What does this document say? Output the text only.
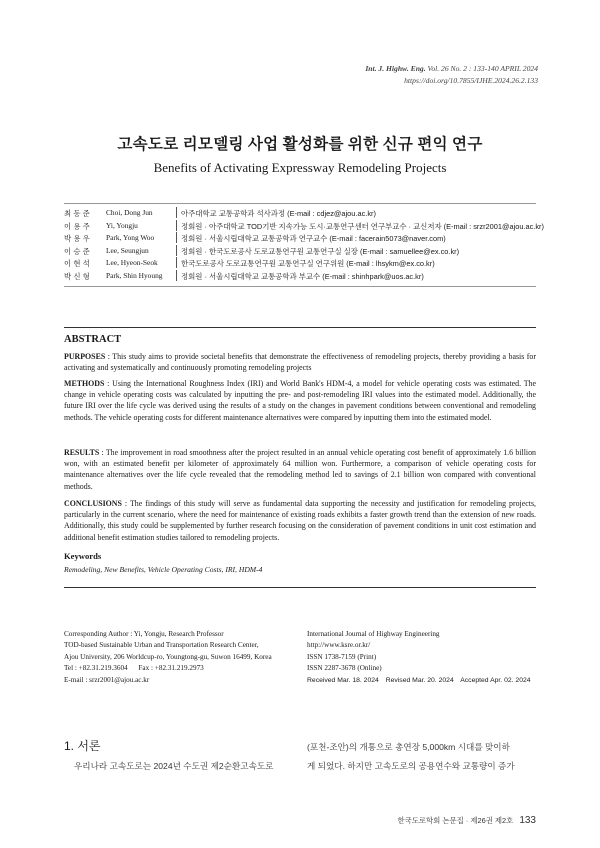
Int. J. Highw. Eng. Vol. 26 No. 2 : 133-140 APRIL 2024
https://doi.org/10.7855/IJHE.2024.26.2.133
고속도로 리모델링 사업 활성화를 위한 신규 편익 연구
Benefits of Activating Expressway Remodeling Projects
최동준 Choi, Dong Jun	아주대학교 교통공학과 석사과정 (E-mail : cdjez@ajou.ac.kr)
이용주 Yi, Yongju	정회원 · 아주대학교 TOD기반 지속가능 도시·교통연구센터 연구부교수 · 교신저자 (E-mail : srzr2001@ajou.ac.kr)
박용우 Park, Yong Woo	정회원 · 서울시립대학교 교통공학과 연구교수 (E-mail : facerain5073@naver.com)
이승준 Lee, Seungjun	정회원 · 한국도로공사 도로교통연구원 교통연구실 실장 (E-mail : samuellee@ex.co.kr)
이현석 Lee, Hyeon-Seok	한국도로공사 도로교통연구원 교통연구실 연구위원 (E-mail : lhsykm@ex.co.kr)
박신형 Park, Shin Hyoung	정회원 · 서울시립대학교 교통공학과 부교수 (E-mail : shinhpark@uos.ac.kr)
ABSTRACT
PURPOSES : This study aims to provide societal benefits that demonstrate the effectiveness of remodeling projects, thereby providing a basis for activating and systematically and continuously promoting remodeling projects
METHODS : Using the International Roughness Index (IRI) and World Bank's HDM-4, a model for vehicle operating costs was estimated. The change in vehicle operating costs was calculated by inputting the pre- and post-remodeling IRI values into the estimated model. Additionally, the future IRI over the life cycle was derived using the results of a study on the changes in pavement conditions between conventional and remodeling methods. The vehicle operating costs for different maintenance alternatives were compared by inputting them into the estimated model.
RESULTS : The improvement in road smoothness after the project resulted in an annual vehicle operating cost benefit of approximately 1.6 billion won, with an estimated benefit per kilometer of approximately 64 million won. Furthermore, a comparison of vehicle operating costs for maintenance alternatives over the life cycle revealed that the remodeling method led to savings of 2.1 billion won compared with conventional methods.
CONCLUSIONS : The findings of this study will serve as fundamental data supporting the necessity and justification for remodeling projects, particularly in the current scenario, where the need for maintenance of existing roads exhibits a faster growth trend than the extension of new roads. Additionally, this study could be supplemented by further research focusing on the consideration of pavement conditions in unit cost estimation and additional benefit estimation studies tailored to remodeling projects.
Keywords
Remodeling, New Benefits, Vehicle Operating Costs, IRI, HDM-4
Corresponding Author : Yi, Yongju, Research Professor
TOD-based Sustainable Urban and Transportation Research Center,
Ajou University, 206 Worldcup-ro, Youngtong-gu, Suwon 16499, Korea
Tel : +82.31.219.3604      Fax : +82.31.219.2973
E-mail : srzr2001@ajou.ac.kr
International Journal of Highway Engineering
http://www.ksre.or.kr/
ISSN 1738-7159 (Print)
ISSN 2287-3678 (Online)
Received Mar. 18. 2024 Revised Mar. 20. 2024 Accepted Apr. 02. 2024
1. 서론
우리나라 고속도로는 2024년 수도권 제2순환고속도로
(포천-조안)의 개통으로 총연장 5,000km 시대를 맞이하
게 되었다. 하지만 고속도로의 공용연수와 교통량이 증가
한국도로학회 논문집 · 제26권 제2호 133
